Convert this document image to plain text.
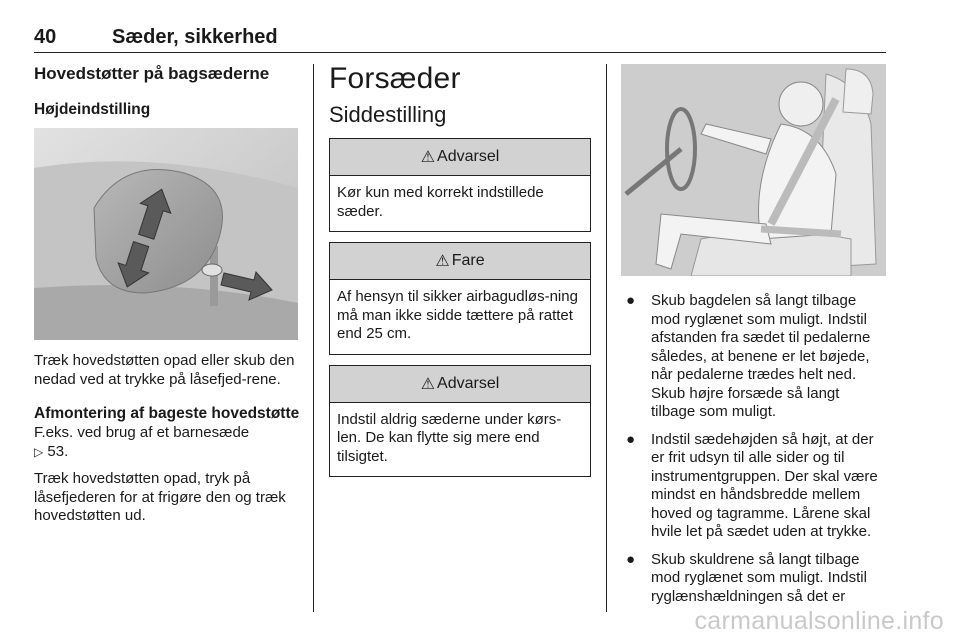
40	Sæder, sikkerhed
Hovedstøtter på bagsæderne
Højdeindstilling

Træk hovedstøtten opad eller skub den nedad ved at trykke på låsefjed-rene.

Afmontering af bageste hovedstøtte

F.eks. ved brug af et barnesæde

▷ 53.

Træk hovedstøtten opad, tryk på låsefjederen for at frigøre den og træk hovedstøtten ud.

Forsæder
Siddestilling
⚠ Advarsel
Kør kun med korrekt indstillede sæder.
⚠ Fare
Af hensyn til sikker airbagudløs-ning må man ikke sidde tættere på rattet end 25 cm.
⚠ Advarsel
Indstil aldrig sæderne under kørs-len. De kan flytte sig mere end tilsigtet.
● Skub bagdelen så langt tilbage mod ryglænet som muligt. Indstil afstanden fra sædet til pedalerne således, at benene er let bøjede, når pedalerne trædes helt ned. Skub højre forsæde så langt tilbage som muligt.
● Indstil sædehøjden så højt, at der er frit udsyn til alle sider og til instrumentgruppen. Der skal være mindst en håndsbredde mellem hoved og tagramme. Lårene skal hvile let på sædet uden at trykke.
● Skub skuldrene så langt tilbage mod ryglænet som muligt. Indstil ryglænshældningen så det er
carmanualsonline.info
